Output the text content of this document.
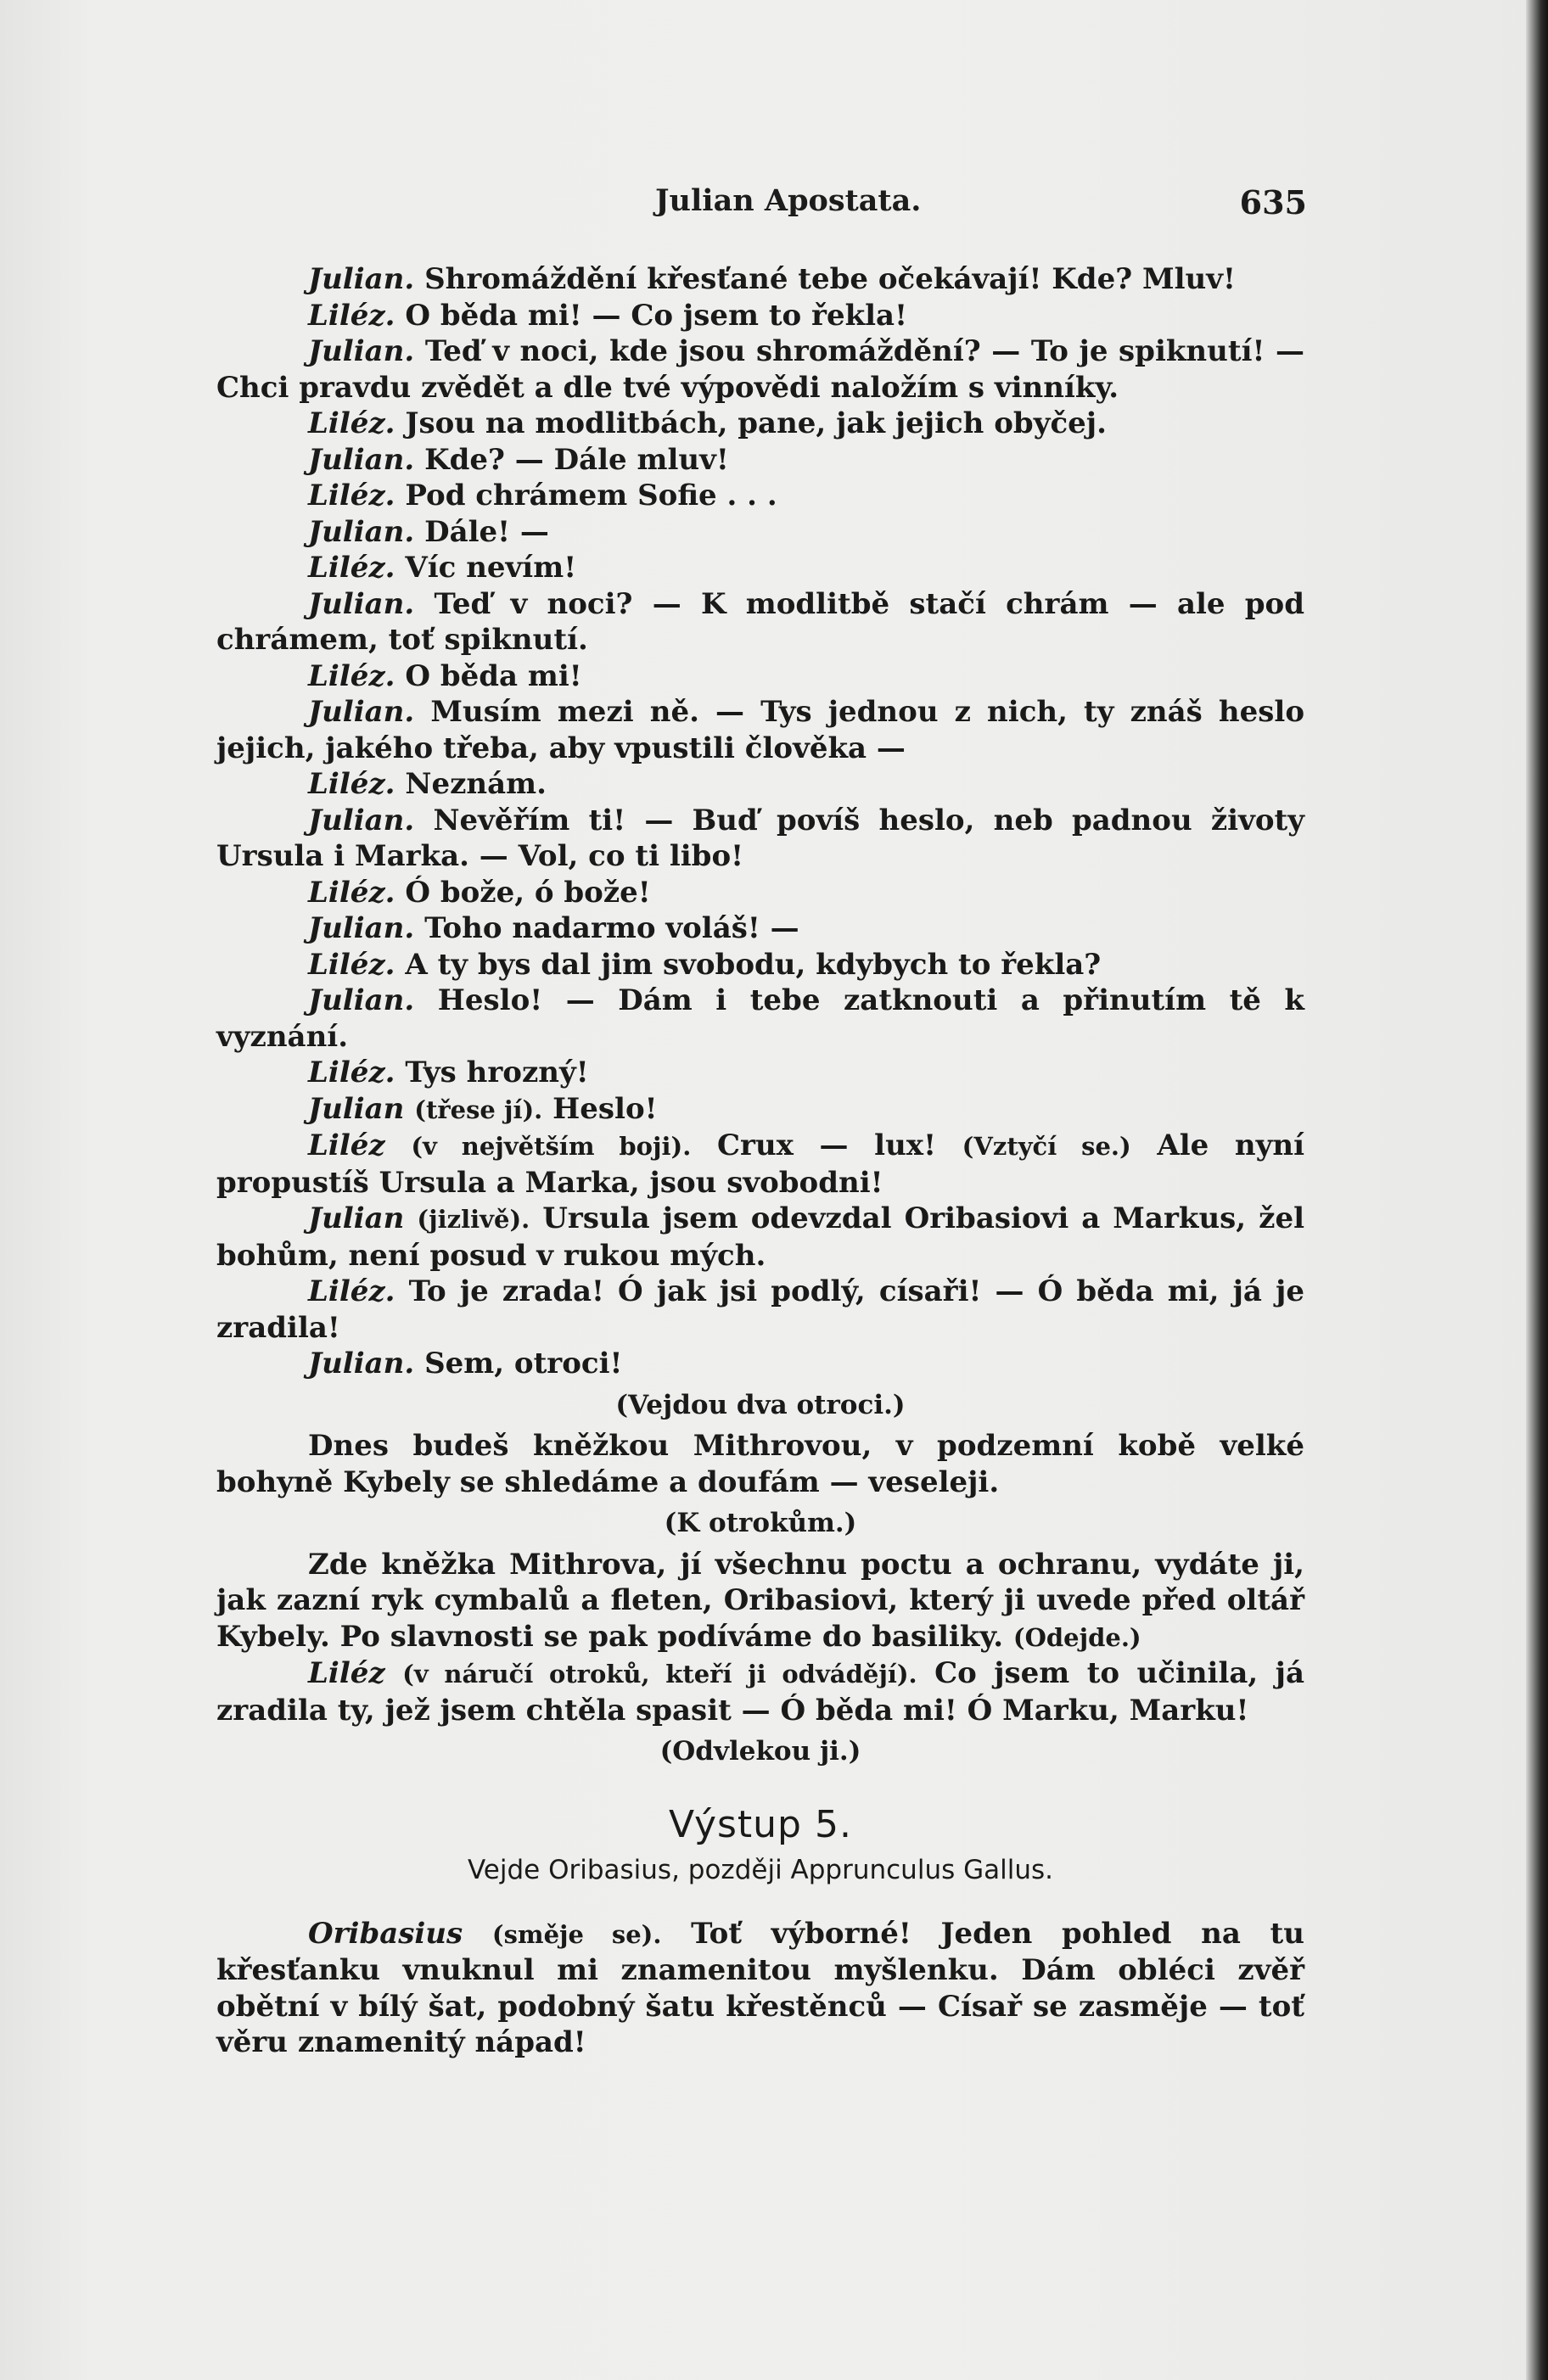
Julian Apostata.	635

Julian. Shromáždění křesťané tebe očekávají! Kde? Mluv!

Liléz. O běda mi! — Co jsem to řekla!

Julian. Teď v noci, kde jsou shromáždění? — To je spiknutí! — Chci pravdu zvědět a dle tvé výpovědi naložím s vinníky.

Liléz. Jsou na modlitbách, pane, jak jejich obyčej.

Julian. Kde? — Dále mluv!

Liléz. Pod chrámem Sofie . . .

Julian. Dále! —

Liléz. Víc nevím!

Julian. Teď v noci? — K modlitbě stačí chrám — ale pod chrámem, toť spiknutí.

Liléz. O běda mi!

Julian. Musím mezi ně. — Tys jednou z nich, ty znáš heslo jejich, jakého třeba, aby vpustili člověka —

Liléz. Neznám.

Julian. Nevěřím ti! — Buď povíš heslo, neb padnou životy Ursula i Marka. — Vol, co ti libo!

Liléz. Ó bože, ó bože!

Julian. Toho nadarmo voláš! —

Liléz. A ty bys dal jim svobodu, kdybych to řekla?

Julian. Heslo! — Dám i tebe zatknouti a přinutím tě k vyznání.

Liléz. Tys hrozný!

Julian (třese jí). Heslo!

Liléz (v největším boji). Crux — lux! (Vztyčí se.) Ale nyní propustíš Ursula a Marka, jsou svobodni!

Julian (jizlivě). Ursula jsem odevzdal Oribasiovi a Markus, žel bohům, není posud v rukou mých.

Liléz. To je zrada! Ó jak jsi podlý, císaři! — Ó běda mi, já je zradila!

Julian. Sem, otroci!

(Vejdou dva otroci.)

Dnes budeš kněžkou Mithrovou, v podzemní kobě velké bohyně Kybely se shledáme a doufám — veseleji.

(K otrokům.)

Zde kněžka Mithrova, jí všechnu poctu a ochranu, vydáte ji, jak zazní ryk cymbalů a fleten, Oribasiovi, který ji uvede před oltář Kybely. Po slavnosti se pak podíváme do basiliky. (Odejde.)

Liléz (v náručí otroků, kteří ji odvádějí). Co jsem to učinila, já zradila ty, jež jsem chtěla spasit — Ó běda mi! Ó Marku, Marku!

(Odvlekou ji.)

Výstup 5.
Vejde Oribasius, později Apprunculus Gallus.

Oribasius (směje se). Toť výborné! Jeden pohled na tu křesťanku vnuknul mi znamenitou myšlenku. Dám obléci zvěř obětní v bílý šat, podobný šatu křestěnců — Císař se zasměje — toť věru znamenitý nápad!
